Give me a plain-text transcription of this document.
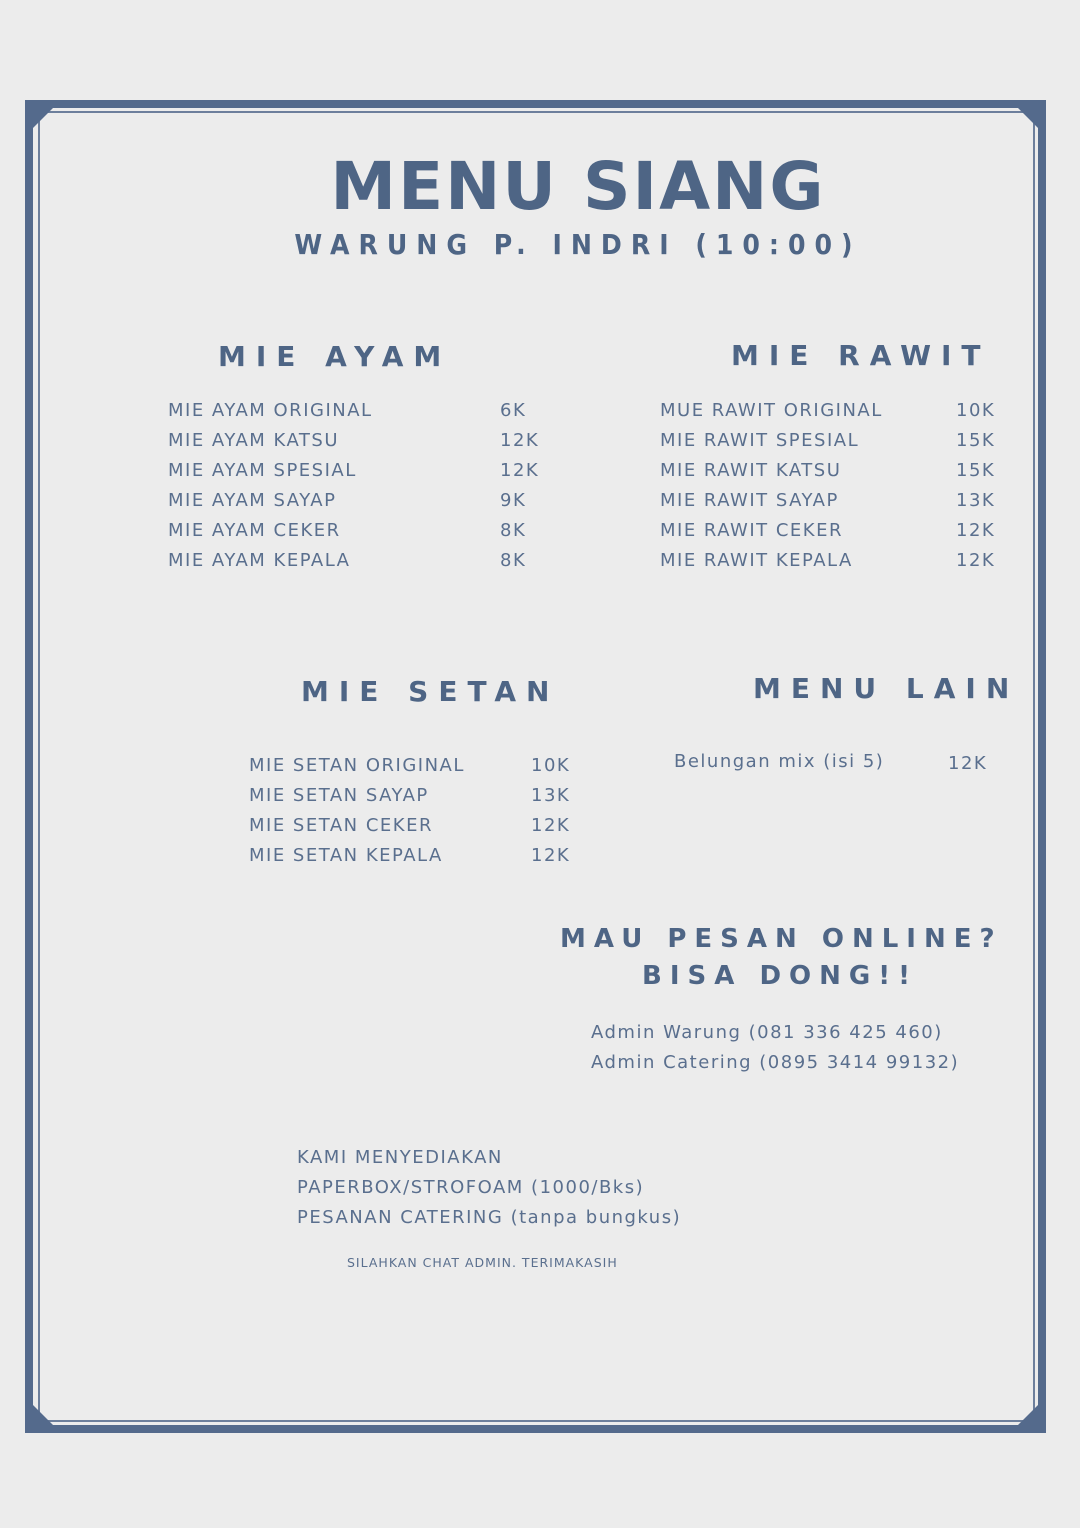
MENU SIANG
WARUNG P. INDRI (10:00)
MIE AYAM
MIE AYAM ORIGINAL	6K
MIE AYAM KATSU	12K
MIE AYAM SPESIAL	12K
MIE AYAM SAYAP	9K
MIE AYAM CEKER	8K
MIE AYAM KEPALA	8K
MIE RAWIT
MUE RAWIT ORIGINAL	10K
MIE RAWIT SPESIAL	15K
MIE RAWIT KATSU	15K
MIE RAWIT SAYAP	13K
MIE RAWIT CEKER	12K
MIE RAWIT KEPALA	12K
MIE SETAN
MIE SETAN ORIGINAL	10K
MIE SETAN SAYAP	13K
MIE SETAN CEKER	12K
MIE SETAN KEPALA	12K
MENU LAIN
Belungan mix (isi 5)	12K
MAU PESAN ONLINE?
BISA DONG!!
Admin Warung (081 336 425 460)
Admin Catering (0895 3414 99132)
KAMI MENYEDIAKAN
PAPERBOX/STROFOAM (1000/Bks)
PESANAN CATERING (tanpa bungkus)
SILAHKAN CHAT ADMIN. TERIMAKASIH
